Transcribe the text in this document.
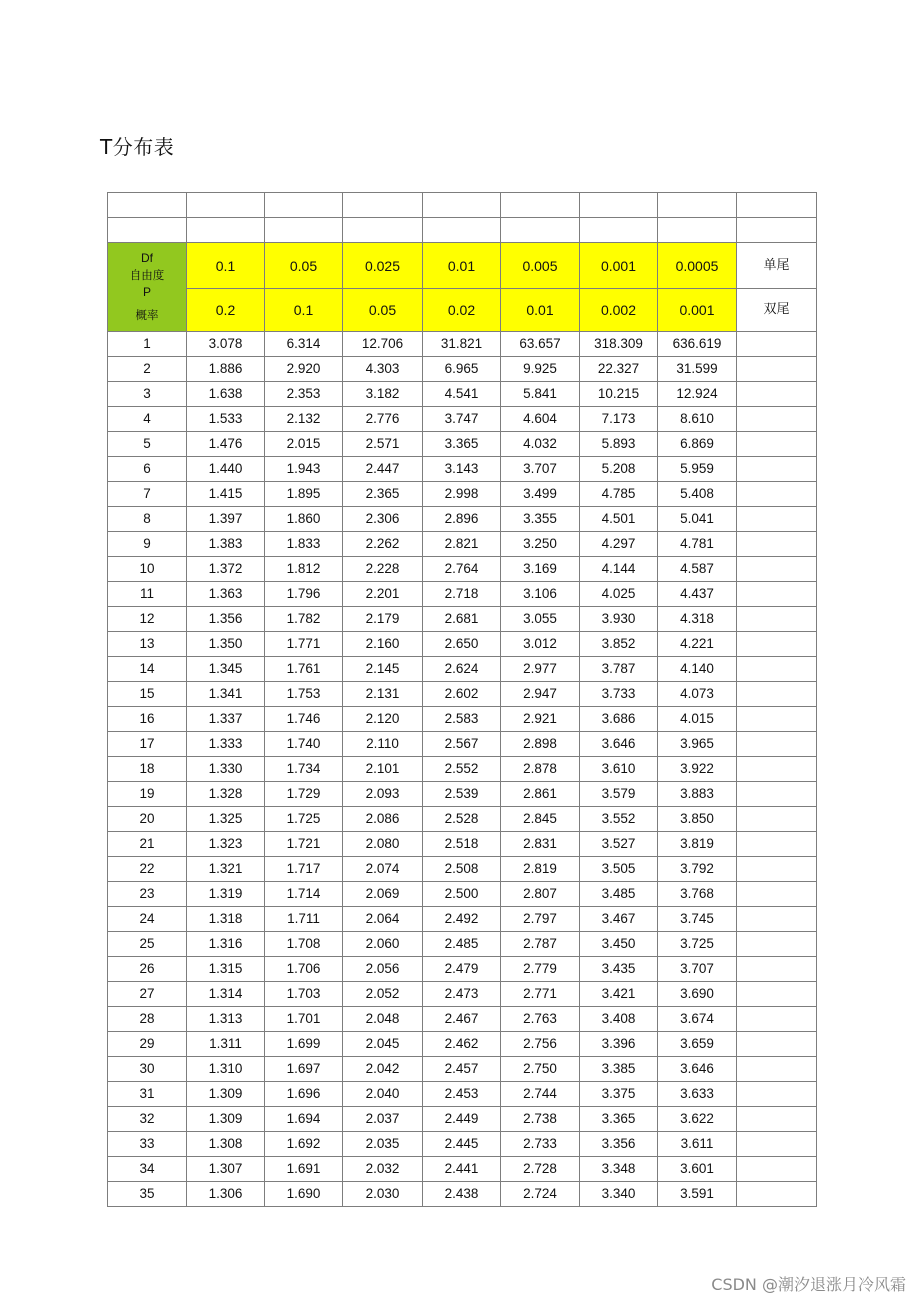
T分布表

Df
自由度
P
概率	0.1	0.05	0.025	0.01	0.005	0.001	0.0005	单尾
	0.2	0.1	0.05	0.02	0.01	0.002	0.001	双尾
1	3.078	6.314	12.706	31.821	63.657	318.309	636.619	
2	1.886	2.920	4.303	6.965	9.925	22.327	31.599	
3	1.638	2.353	3.182	4.541	5.841	10.215	12.924	
4	1.533	2.132	2.776	3.747	4.604	7.173	8.610	
5	1.476	2.015	2.571	3.365	4.032	5.893	6.869	
6	1.440	1.943	2.447	3.143	3.707	5.208	5.959	
7	1.415	1.895	2.365	2.998	3.499	4.785	5.408	
8	1.397	1.860	2.306	2.896	3.355	4.501	5.041	
9	1.383	1.833	2.262	2.821	3.250	4.297	4.781	
10	1.372	1.812	2.228	2.764	3.169	4.144	4.587	
11	1.363	1.796	2.201	2.718	3.106	4.025	4.437	
12	1.356	1.782	2.179	2.681	3.055	3.930	4.318	
13	1.350	1.771	2.160	2.650	3.012	3.852	4.221	
14	1.345	1.761	2.145	2.624	2.977	3.787	4.140	
15	1.341	1.753	2.131	2.602	2.947	3.733	4.073	
16	1.337	1.746	2.120	2.583	2.921	3.686	4.015	
17	1.333	1.740	2.110	2.567	2.898	3.646	3.965	
18	1.330	1.734	2.101	2.552	2.878	3.610	3.922	
19	1.328	1.729	2.093	2.539	2.861	3.579	3.883	
20	1.325	1.725	2.086	2.528	2.845	3.552	3.850	
21	1.323	1.721	2.080	2.518	2.831	3.527	3.819	
22	1.321	1.717	2.074	2.508	2.819	3.505	3.792	
23	1.319	1.714	2.069	2.500	2.807	3.485	3.768	
24	1.318	1.711	2.064	2.492	2.797	3.467	3.745	
25	1.316	1.708	2.060	2.485	2.787	3.450	3.725	
26	1.315	1.706	2.056	2.479	2.779	3.435	3.707	
27	1.314	1.703	2.052	2.473	2.771	3.421	3.690	
28	1.313	1.701	2.048	2.467	2.763	3.408	3.674	
29	1.311	1.699	2.045	2.462	2.756	3.396	3.659	
30	1.310	1.697	2.042	2.457	2.750	3.385	3.646	
31	1.309	1.696	2.040	2.453	2.744	3.375	3.633	
32	1.309	1.694	2.037	2.449	2.738	3.365	3.622	
33	1.308	1.692	2.035	2.445	2.733	3.356	3.611	
34	1.307	1.691	2.032	2.441	2.728	3.348	3.601	
35	1.306	1.690	2.030	2.438	2.724	3.340	3.591	
CSDN @潮汐退涨月冷风霜
